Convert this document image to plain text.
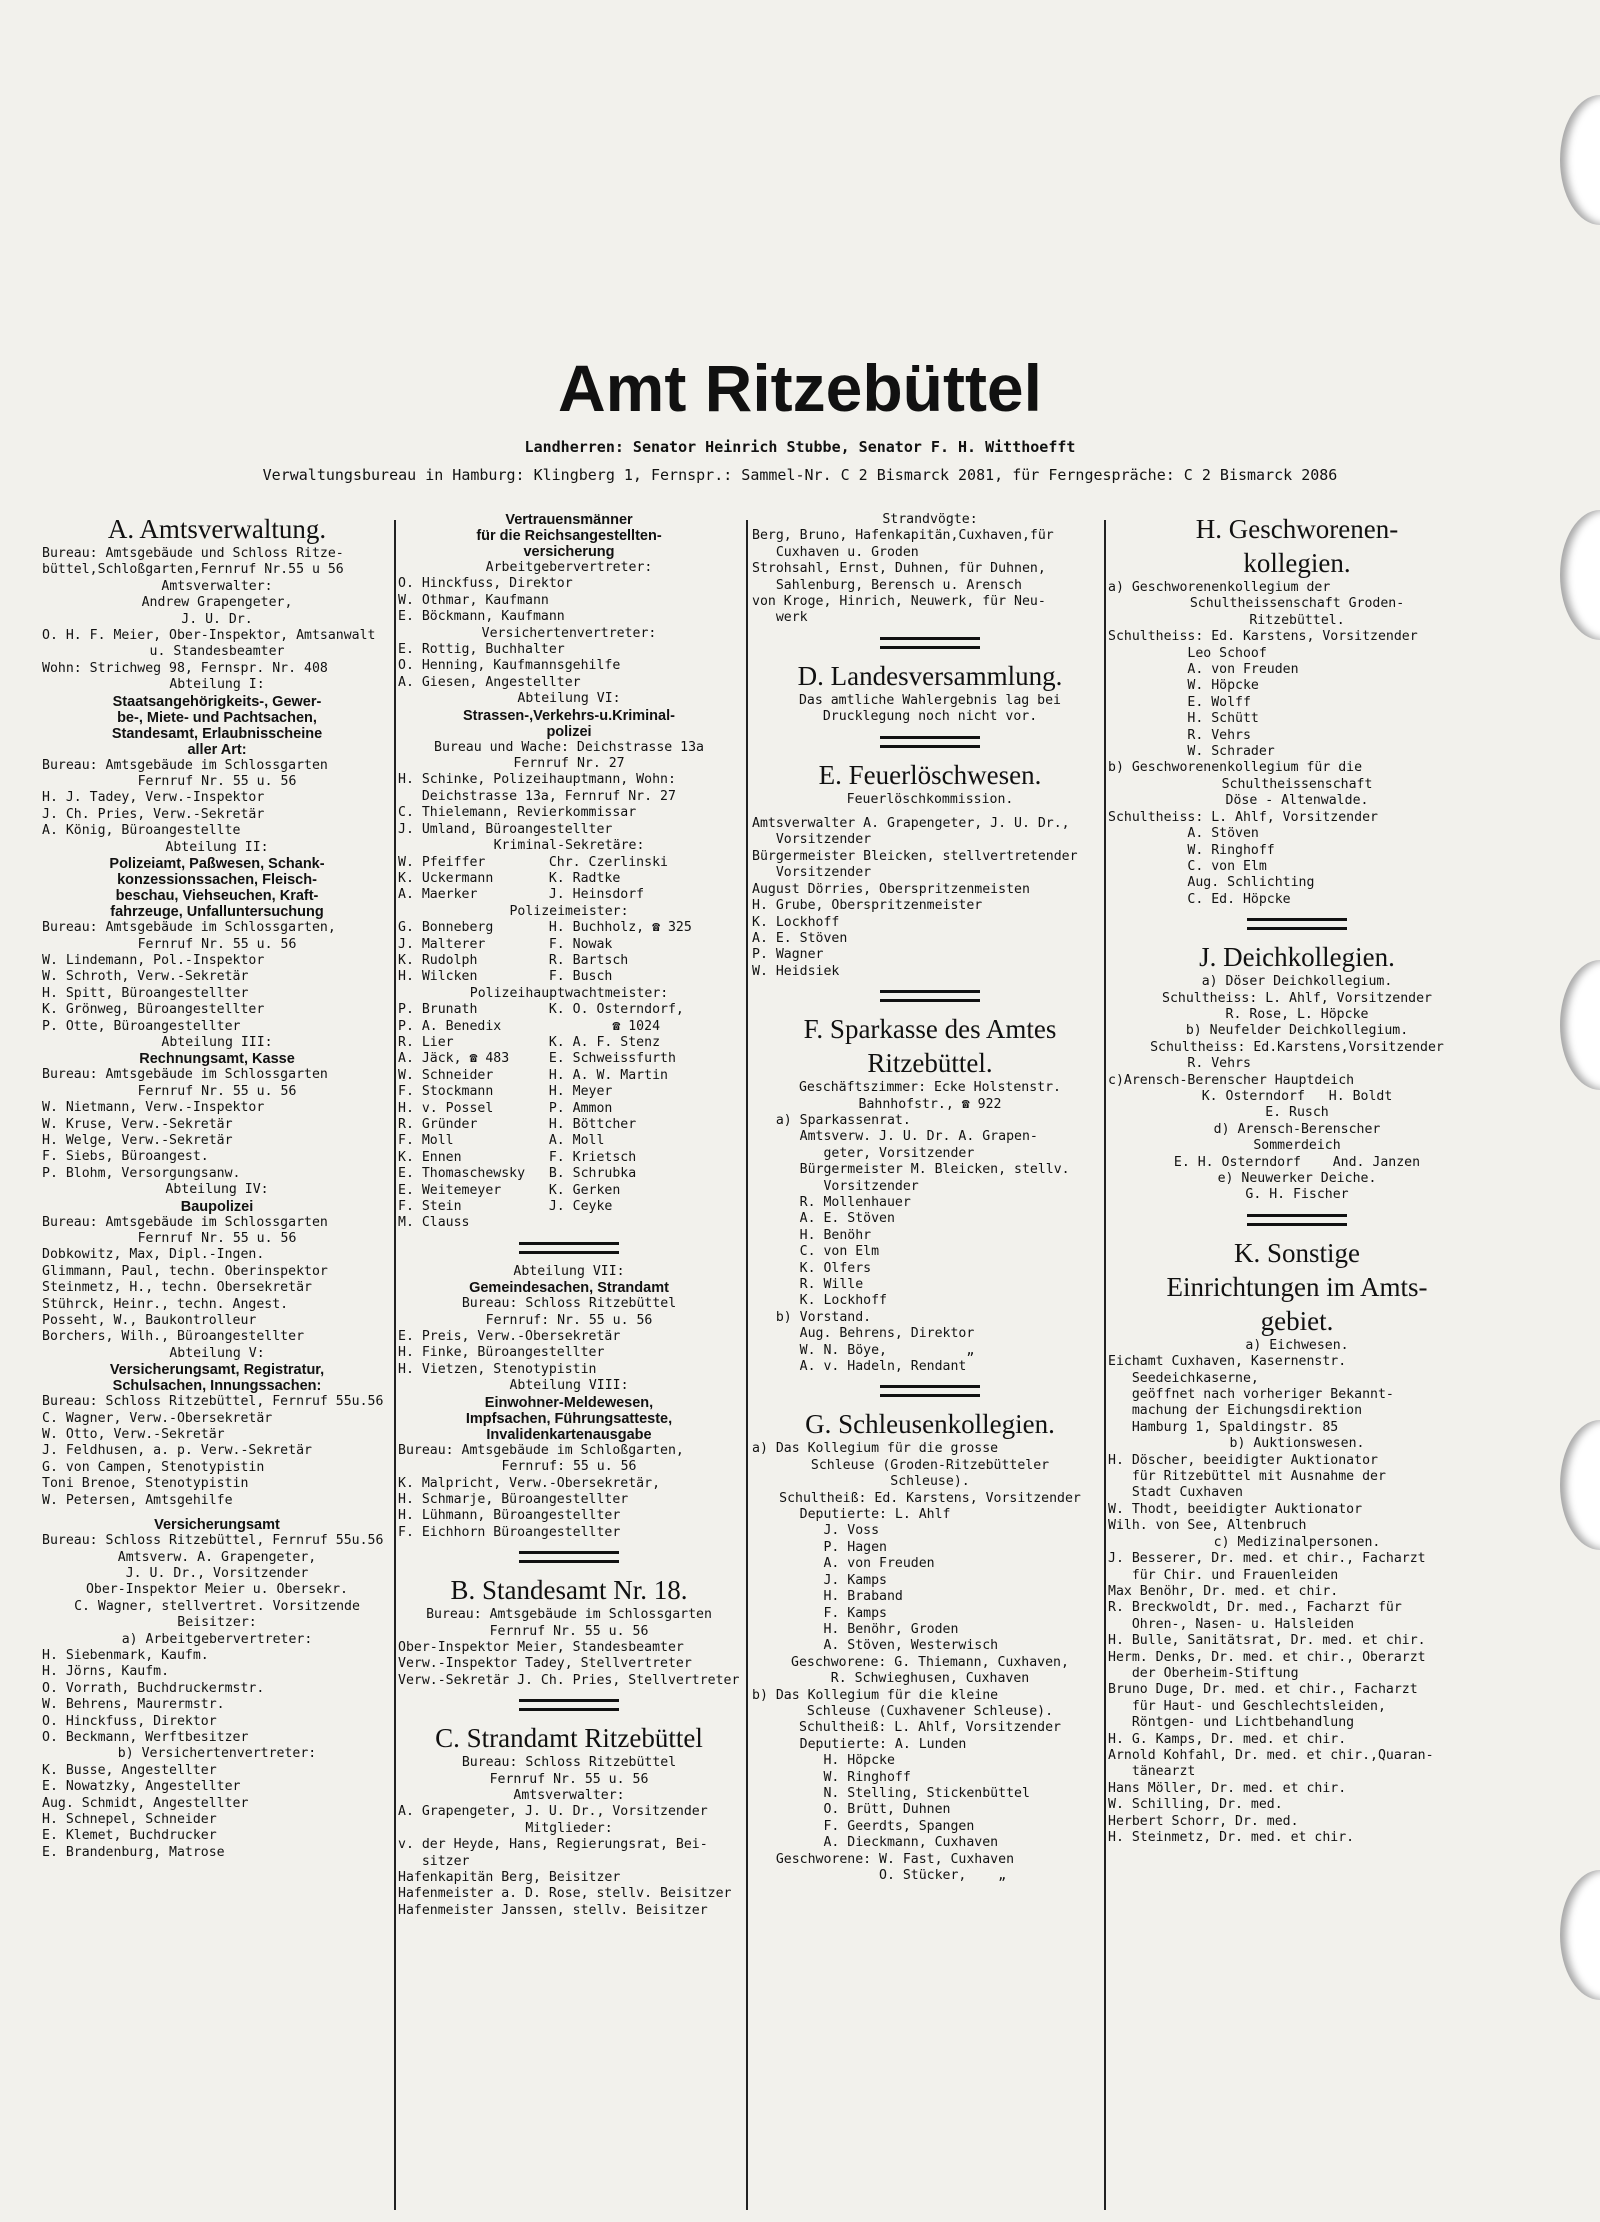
Amt Ritzebüttel
Landherren: Senator Heinrich Stubbe, Senator F. H. Witthoefft
Verwaltungsbureau in Hamburg: Klingberg 1, Fernspr.: Sammel-Nr. C 2 Bismarck 2081, für Ferngespräche: C 2 Bismarck 2086
A. Amtsverwaltung.
Bureau: Amtsgebäude und Schloss Ritze-
büttel,Schloßgarten,Fernruf Nr.55 u 56
Amtsverwalter:
Andrew Grapengeter,
J. U. Dr.
O. H. F. Meier, Ober-Inspektor, Amtsanwalt
u. Standesbeamter
Wohn: Strichweg 98, Fernspr. Nr. 408
Abteilung I:
Staatsangehörigkeits-, Gewer-
be-, Miete- und Pachtsachen,
Standesamt, Erlaubnisscheine
aller Art:
Bureau: Amtsgebäude im Schlossgarten
Fernruf Nr. 55 u. 56
H. J. Tadey, Verw.-Inspektor
J. Ch. Pries, Verw.-Sekretär
A. König, Büroangestellte
Abteilung II:
Polizeiamt, Paßwesen, Schank-
konzessionssachen, Fleisch-
beschau, Viehseuchen, Kraft-
fahrzeuge, Unfalluntersuchung
Bureau: Amtsgebäude im Schlossgarten,
Fernruf Nr. 55 u. 56
W. Lindemann, Pol.-Inspektor
W. Schroth, Verw.-Sekretär
H. Spitt, Büroangestellter
K. Grönweg, Büroangestellter
P. Otte, Büroangestellter
Abteilung III:
Rechnungsamt, Kasse
Bureau: Amtsgebäude im Schlossgarten
Fernruf Nr. 55 u. 56
W. Nietmann, Verw.-Inspektor
W. Kruse, Verw.-Sekretär
H. Welge, Verw.-Sekretär
F. Siebs, Büroangest.
P. Blohm, Versorgungsanw.
Abteilung IV:
Baupolizei
Bureau: Amtsgebäude im Schlossgarten
Fernruf Nr. 55 u. 56
Dobkowitz, Max, Dipl.-Ingen.
Glimmann, Paul, techn. Oberinspektor
Steinmetz, H., techn. Obersekretär
Stührck, Heinr., techn. Angest.
Posseht, W., Baukontrolleur
Borchers, Wilh., Büroangestellter
Abteilung V:
Versicherungsamt, Registratur,
Schulsachen, Innungssachen:
Bureau: Schloss Ritzebüttel, Fernruf 55u.56
C. Wagner, Verw.-Obersekretär
W. Otto, Verw.-Sekretär
J. Feldhusen, a. p. Verw.-Sekretär
G. von Campen, Stenotypistin
Toni Brenoe, Stenotypistin
W. Petersen, Amtsgehilfe
Versicherungsamt
Bureau: Schloss Ritzebüttel, Fernruf 55u.56
Amtsverw. A. Grapengeter,
J. U. Dr., Vorsitzender
Ober-Inspektor Meier u. Obersekr.
C. Wagner, stellvertret. Vorsitzende
Beisitzer:
a) Arbeitgebervertreter:
H. Siebenmark, Kaufm.
H. Jörns, Kaufm.
O. Vorrath, Buchdruckermstr.
W. Behrens, Maurermstr.
O. Hinckfuss, Direktor
O. Beckmann, Werftbesitzer
b) Versichertenvertreter:
K. Busse, Angestellter
E. Nowatzky, Angestellter
Aug. Schmidt, Angestellter
H. Schnepel, Schneider
E. Klemet, Buchdrucker
E. Brandenburg, Matrose
Vertrauensmänner
für die Reichsangestellten-
versicherung
Arbeitgebervertreter:
O. Hinckfuss, Direktor
W. Othmar, Kaufmann
E. Böckmann, Kaufmann
Versichertenvertreter:
E. Rottig, Buchhalter
O. Henning, Kaufmannsgehilfe
A. Giesen, Angestellter
Abteilung VI:
Strassen-,Verkehrs-u.Kriminal-
polizei
Bureau und Wache: Deichstrasse 13a
Fernruf Nr. 27
H. Schinke, Polizeihauptmann, Wohn:
Deichstrasse 13a, Fernruf Nr. 27
C. Thielemann, Revierkommissar
J. Umland, Büroangestellter
Kriminal-Sekretäre:
W. Pfeiffer        Chr. Czerlinski
K. Uckermann       K. Radtke
A. Maerker         J. Heinsdorf
Polizeimeister:
G. Bonneberg       H. Buchholz, ☎ 325
J. Malterer        F. Nowak
K. Rudolph         R. Bartsch
H. Wilcken         F. Busch
Polizeihauptwachtmeister:
P. Brunath         K. O. Osterndorf,
P. A. Benedix              ☎ 1024
R. Lier            K. A. F. Stenz
A. Jäck, ☎ 483     E. Schweissfurth
W. Schneider       H. A. W. Martin
F. Stockmann       H. Meyer
H. v. Possel       P. Ammon
R. Gründer         H. Böttcher
F. Moll            A. Moll
K. Ennen           F. Krietsch
E. Thomaschewsky   B. Schrubka
E. Weitemeyer      K. Gerken
F. Stein           J. Ceyke
M. Clauss
Abteilung VII:
Gemeindesachen, Strandamt
Bureau: Schloss Ritzebüttel
Fernruf: Nr. 55 u. 56
E. Preis, Verw.-Obersekretär
H. Finke, Büroangestellter
H. Vietzen, Stenotypistin
Abteilung VIII:
Einwohner-Meldewesen,
Impfsachen, Führungsatteste,
Invalidenkartenausgabe
Bureau: Amtsgebäude im Schloßgarten,
Fernruf: 55 u. 56
K. Malpricht, Verw.-Obersekretär,
H. Schmarje, Büroangestellter
H. Lühmann, Büroangestellter
F. Eichhorn Büroangestellter
B. Standesamt Nr. 18.
Bureau: Amtsgebäude im Schlossgarten
Fernruf Nr. 55 u. 56
Ober-Inspektor Meier, Standesbeamter
Verw.-Inspektor Tadey, Stellvertreter
Verw.-Sekretär J. Ch. Pries, Stellvertreter
C. Strandamt Ritzebüttel
Bureau: Schloss Ritzebüttel
Fernruf Nr. 55 u. 56
Amtsverwalter:
A. Grapengeter, J. U. Dr., Vorsitzender
Mitglieder:
v. der Heyde, Hans, Regierungsrat, Bei-
sitzer
Hafenkapitän Berg, Beisitzer
Hafenmeister a. D. Rose, stellv. Beisitzer
Hafenmeister Janssen, stellv. Beisitzer
Strandvögte:
Berg, Bruno, Hafenkapitän,Cuxhaven,für
Cuxhaven u. Groden
Strohsahl, Ernst, Duhnen, für Duhnen,
Sahlenburg, Berensch u. Arensch
von Kroge, Hinrich, Neuwerk, für Neu-
werk
D. Landesversammlung.
Das amtliche Wahlergebnis lag bei
Drucklegung noch nicht vor.
E. Feuerlöschwesen.
Feuerlöschkommission.
Amtsverwalter A. Grapengeter, J. U. Dr.,
Vorsitzender
Bürgermeister Bleicken, stellvertretender
Vorsitzender
August Dörries, Oberspritzenmeisten
H. Grube, Oberspritzenmeister
K. Lockhoff
A. E. Stöven
P. Wagner
W. Heidsiek
F. Sparkasse des Amtes
Ritzebüttel.
Geschäftszimmer: Ecke Holstenstr.
Bahnhofstr., ☎ 922
a) Sparkassenrat.
Amtsverw. J. U. Dr. A. Grapen-
geter, Vorsitzender
Bürgermeister M. Bleicken, stellv.
Vorsitzender
R. Mollenhauer
A. E. Stöven
H. Benöhr
C. von Elm
K. Olfers
R. Wille
K. Lockhoff
b) Vorstand.
Aug. Behrens, Direktor
W. N. Böye,          „
A. v. Hadeln, Rendant
G. Schleusenkollegien.
a) Das Kollegium für die grosse
Schleuse (Groden-Ritzebütteler
Schleuse).
Schultheiß: Ed. Karstens, Vorsitzender
Deputierte: L. Ahlf
J. Voss
P. Hagen
A. von Freuden
J. Kamps
H. Braband
F. Kamps
H. Benöhr, Groden
A. Stöven, Westerwisch
Geschworene: G. Thiemann, Cuxhaven,
R. Schwieghusen, Cuxhaven
b) Das Kollegium für die kleine
Schleuse (Cuxhavener Schleuse).
Schultheiß: L. Ahlf, Vorsitzender
Deputierte: A. Lunden
H. Höpcke
W. Ringhoff
N. Stelling, Stickenbüttel
O. Brütt, Duhnen
F. Geerdts, Spangen
A. Dieckmann, Cuxhaven
Geschworene: W. Fast, Cuxhaven
O. Stücker,    „
H. Geschworenen-
kollegien.
a) Geschworenenkollegium der
Schultheissenschaft Groden-
Ritzebüttel.
Schultheiss: Ed. Karstens, Vorsitzender
Leo Schoof
A. von Freuden
W. Höpcke
E. Wolff
H. Schütt
R. Vehrs
W. Schrader
b) Geschworenenkollegium für die
Schultheissenschaft
Döse - Altenwalde.
Schultheiss: L. Ahlf, Vorsitzender
A. Stöven
W. Ringhoff
C. von Elm
Aug. Schlichting
C. Ed. Höpcke
J. Deichkollegien.
a) Döser Deichkollegium.
Schultheiss: L. Ahlf, Vorsitzender
R. Rose, L. Höpcke
b) Neufelder Deichkollegium.
Schultheiss: Ed.Karstens,Vorsitzender
R. Vehrs
c)Arensch-Berenscher Hauptdeich
K. Osterndorf   H. Boldt
E. Rusch
d) Arensch-Berenscher
Sommerdeich
E. H. Osterndorf    And. Janzen
e) Neuwerker Deiche.
G. H. Fischer
K. Sonstige
Einrichtungen im Amts-
gebiet.
a) Eichwesen.
Eichamt Cuxhaven, Kasernenstr.
Seedeichkaserne,
geöffnet nach vorheriger Bekannt-
machung der Eichungsdirektion
Hamburg 1, Spaldingstr. 85
b) Auktionswesen.
H. Döscher, beeidigter Auktionator
für Ritzebüttel mit Ausnahme der
Stadt Cuxhaven
W. Thodt, beeidigter Auktionator
Wilh. von See, Altenbruch
c) Medizinalpersonen.
J. Besserer, Dr. med. et chir., Facharzt
für Chir. und Frauenleiden
Max Benöhr, Dr. med. et chir.
R. Breckwoldt, Dr. med., Facharzt für
Ohren-, Nasen- u. Halsleiden
H. Bulle, Sanitätsrat, Dr. med. et chir.
Herm. Denks, Dr. med. et chir., Oberarzt
der Oberheim-Stiftung
Bruno Duge, Dr. med. et chir., Facharzt
für Haut- und Geschlechtsleiden,
Röntgen- und Lichtbehandlung
H. G. Kamps, Dr. med. et chir.
Arnold Kohfahl, Dr. med. et chir.,Quaran-
tänearzt
Hans Möller, Dr. med. et chir.
W. Schilling, Dr. med.
Herbert Schorr, Dr. med.
H. Steinmetz, Dr. med. et chir.
